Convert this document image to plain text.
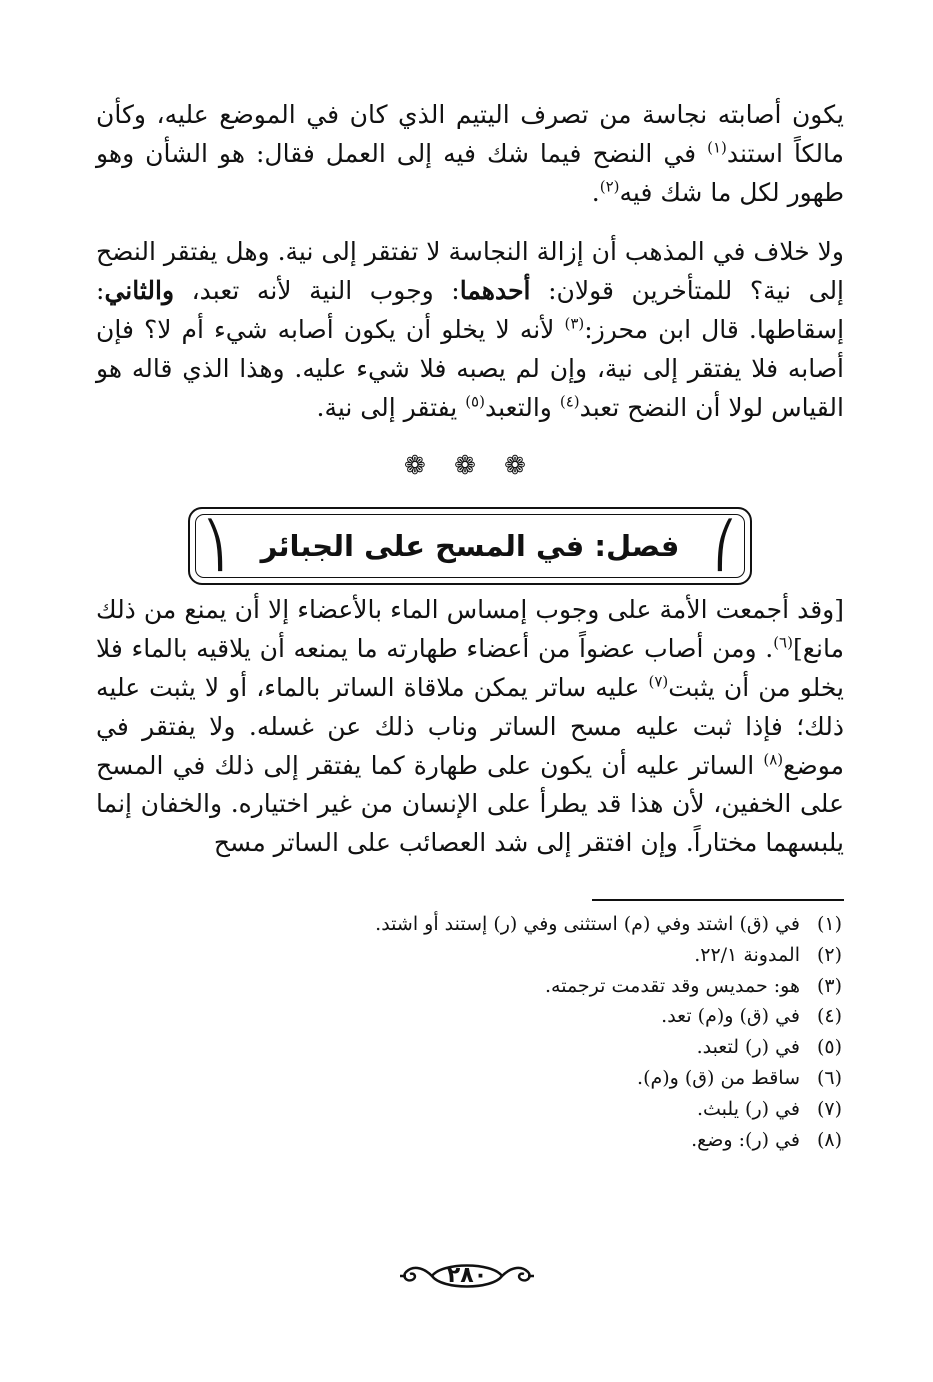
يكون أصابته نجاسة من تصرف اليتيم الذي كان في الموضع عليه، وكأن مالكاً استند$^{(١)}$ في النضح فيما شك فيه إلى العمل فقال: هو الشأن وهو طهور لكل ما شك فيه$^{(٢)}$.

ولا خلاف في المذهب أن إزالة النجاسة لا تفتقر إلى نية. وهل يفتقر النضح إلى نية؟ للمتأخرين قولان: أحدهما: وجوب النية لأنه تعبد، والثاني: إسقاطها. قال ابن محرز:$^{(٣)}$ لأنه لا يخلو أن يكون أصابه شيء أم لا؟ فإن أصابه فلا يفتقر إلى نية، وإن لم يصبه فلا شيء عليه. وهذا الذي قاله هو القياس لولا أن النضح تعبد$^{(٤)}$ والتعبد$^{(٥)}$ يفتقر إلى نية.

❁ ❁ ❁
⎛
فصل: في المسح على الجبائر
⎞

[وقد أجمعت الأمة على وجوب إمساس الماء بالأعضاء إلا أن يمنع من ذلك مانع]$^{(٦)}$. ومن أصاب عضواً من أعضاء طهارته ما يمنعه أن يلاقيه بالماء فلا يخلو من أن يثبت$^{(٧)}$ عليه ساتر يمكن ملاقاة الساتر بالماء، أو لا يثبت عليه ذلك؛ فإذا ثبت عليه مسح الساتر وناب ذلك عن غسله. ولا يفتقر في موضع$^{(٨)}$ الساتر عليه أن يكون على طهارة كما يفتقر إلى ذلك في المسح على الخفين، لأن هذا قد يطرأ على الإنسان من غير اختياره. والخفان إنما يلبسهما مختاراً. وإن افتقر إلى شد العصائب على الساتر مسح

(١)في (ق) اشتد وفي (م) استثنى وفي (ر) إستند أو اشتد.
(٢)المدونة ٢٢/١.
(٣)هو: حمديس وقد تقدمت ترجمته.
(٤)في (ق) و(م) تعد.
(٥)في (ر) لتعبد.
(٦)ساقط من (ق) و(م).
(٧)في (ر) يلبث.
(٨)في (ر): وضع.
٢٨٠
